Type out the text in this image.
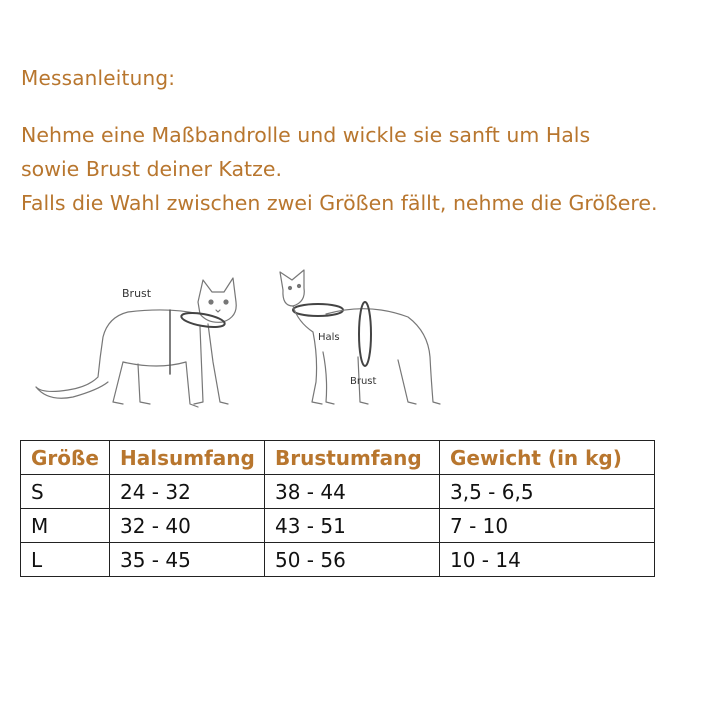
Messanleitung:
Nehme eine Maßbandrolle und wickle sie sanft um Hals
sowie Brust deiner Katze.
Falls die Wahl zwischen zwei Größen fällt, nehme die Größere.
Brust
Hals
Brust
Größe	Halsumfang	Brustumfang	Gewicht (in kg)
S	24 - 32	38 - 44	3,5 - 6,5
M	32 - 40	43 - 51	7 - 10
L	35 - 45	50 - 56	10 - 14
